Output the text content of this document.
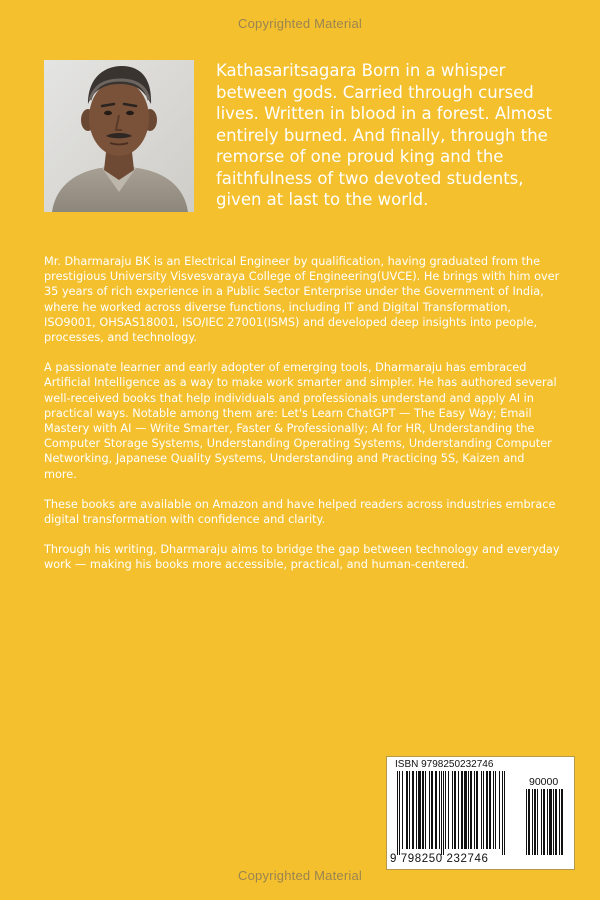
Copyrighted Material
Kathasaritsagara Born in a whisper between gods. Carried through cursed lives. Written in blood in a forest. Almost entirely burned. And finally, through the remorse of one proud king and the faithfulness of two devoted students, given at last to the world.

Mr. Dharmaraju BK is an Electrical Engineer by qualification, having graduated from the prestigious University Visvesvaraya College of Engineering(UVCE). He brings with him over 35 years of rich experience in a Public Sector Enterprise under the Government of India, where he worked across diverse functions, including IT and Digital Transformation, ISO9001, OHSAS18001, ISO/IEC 27001(ISMS) and developed deep insights into people, processes, and technology.

A passionate learner and early adopter of emerging tools, Dharmaraju has embraced Artificial Intelligence as a way to make work smarter and simpler. He has authored several well-received books that help individuals and professionals understand and apply AI in practical ways. Notable among them are: Let's Learn ChatGPT — The Easy Way; Email Mastery with AI — Write Smarter, Faster & Professionally; AI for HR, Understanding the Computer Storage Systems, Understanding Operating Systems, Understanding Computer Networking, Japanese Quality Systems, Understanding and Practicing 5S, Kaizen and more.

These books are available on Amazon and have helped readers across industries embrace digital transformation with confidence and clarity.

Through his writing, Dharmaraju aims to bridge the gap between technology and everyday work — making his books more accessible, practical, and human-centered.

ISBN 9798250232746
90000
9 798250 232746
Copyrighted Material
